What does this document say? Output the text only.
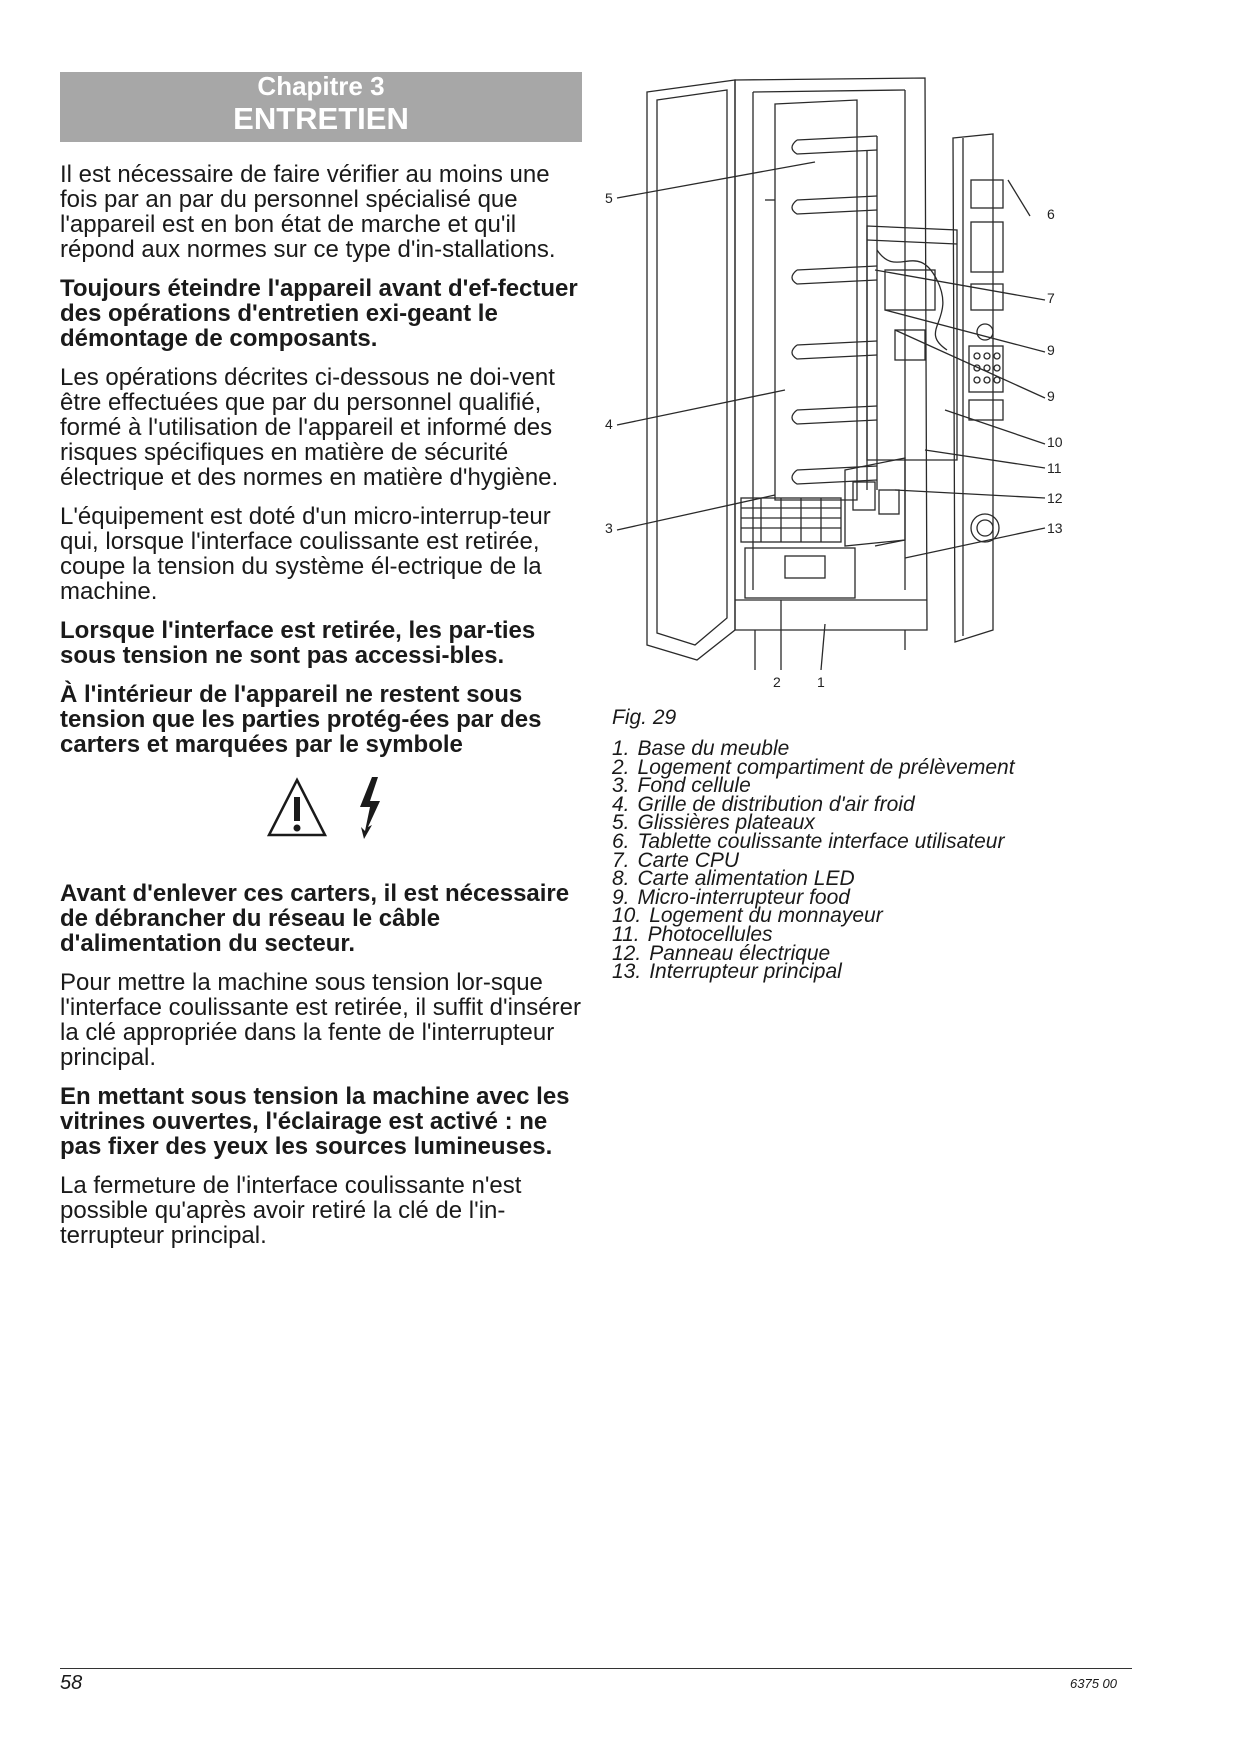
Chapitre 3
ENTRETIEN

Il est nécessaire de faire vérifier au moins une fois par an par du personnel spécialisé que l'appareil est en bon état de marche et qu'il répond aux normes sur ce type d'in-stallations.

Toujours éteindre l'appareil avant d'ef-fectuer des opérations d'entretien exi-geant le démontage de composants.

Les opérations décrites ci-dessous ne doi-vent être effectuées que par du personnel qualifié, formé à l'utilisation de l'appareil et informé des risques spécifiques en matière de sécurité électrique et des normes en matière d'hygiène.

L'équipement est doté d'un micro-interrup-teur qui, lorsque l'interface coulissante est retirée, coupe la tension du système él-ectrique de la machine.

Lorsque l'interface est retirée, les par-ties sous tension ne sont pas accessi-bles.

À l'intérieur de l'appareil ne restent sous tension que les parties protég-ées par des carters et marquées par le symbole

Avant d'enlever ces carters, il est nécessaire de débrancher du réseau le câble d'alimentation du secteur.

Pour mettre la machine sous tension lor-sque l'interface coulissante est retirée, il suffit d'insérer la clé appropriée dans la fente de l'interrupteur principal.

En mettant sous tension la machine avec les vitrines ouvertes, l'éclairage est activé : ne pas fixer des yeux les sources lumineuses.

La fermeture de l'interface coulissante n'est possible qu'après avoir retiré la clé de l'in-terrupteur principal.

5
4
3
6
7
9
9
10
11
12
13
2	1
Fig. 29
1. Base du meuble
2. Logement compartiment de prélèvement
3. Fond cellule
4. Grille de distribution d'air froid
5. Glissières plateaux
6. Tablette coulissante interface utilisateur
7. Carte CPU
8. Carte alimentation LED
9. Micro-interrupteur food
10. Logement du monnayeur
11. Photocellules
12. Panneau électrique
13. Interrupteur principal
58	6375 00
